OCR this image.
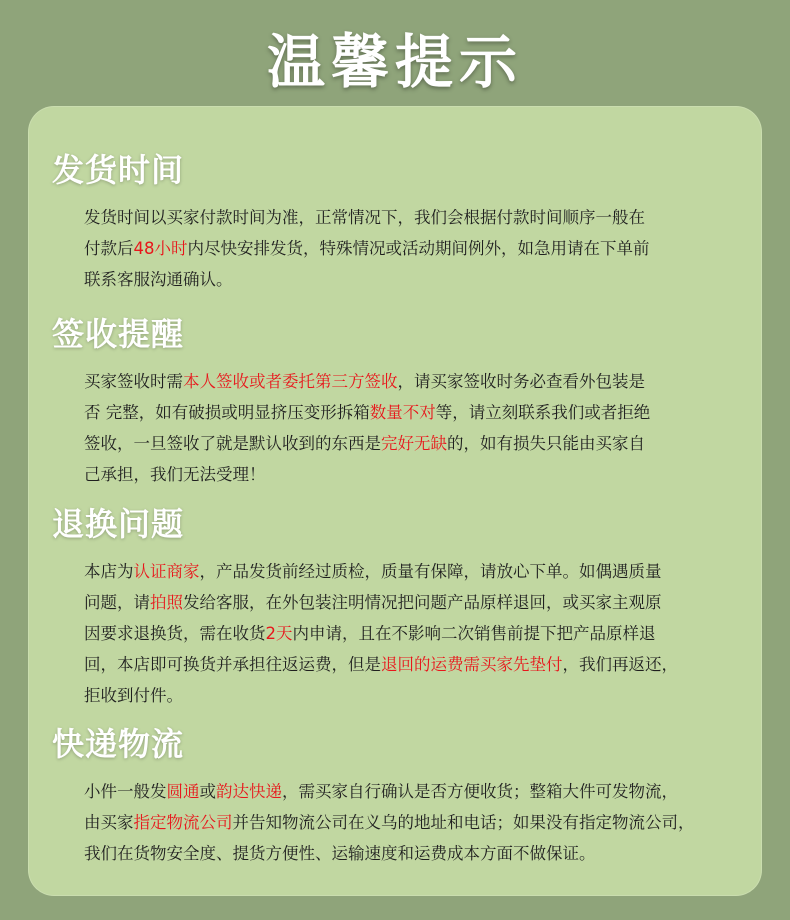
温馨提示
发货时间
发货时间以买家付款时间为准，正常情况下，我们会根据付款时间顺序一般在
付款后48小时内尽快安排发货，特殊情况或活动期间例外，如急用请在下单前
联系客服沟通确认。
签收提醒
买家签收时需本人签收或者委托第三方签收，请买家签收时务必查看外包装是
否 完整，如有破损或明显挤压变形拆箱数量不对等，请立刻联系我们或者拒绝
签收，一旦签收了就是默认收到的东西是完好无缺的，如有损失只能由买家自
己承担，我们无法受理！
退换问题
本店为认证商家，产品发货前经过质检，质量有保障，请放心下单。如偶遇质量
问题，请拍照发给客服，在外包装注明情况把问题产品原样退回，或买家主观原
因要求退换货，需在收货2天内申请，且在不影响二次销售前提下把产品原样退
回，本店即可换货并承担往返运费，但是退回的运费需买家先垫付，我们再返还，
拒收到付件。
快递物流
小件一般发圆通或韵达快递，需买家自行确认是否方便收货；整箱大件可发物流，
由买家指定物流公司并告知物流公司在义乌的地址和电话；如果没有指定物流公司，
我们在货物安全度、提货方便性、运输速度和运费成本方面不做保证。
